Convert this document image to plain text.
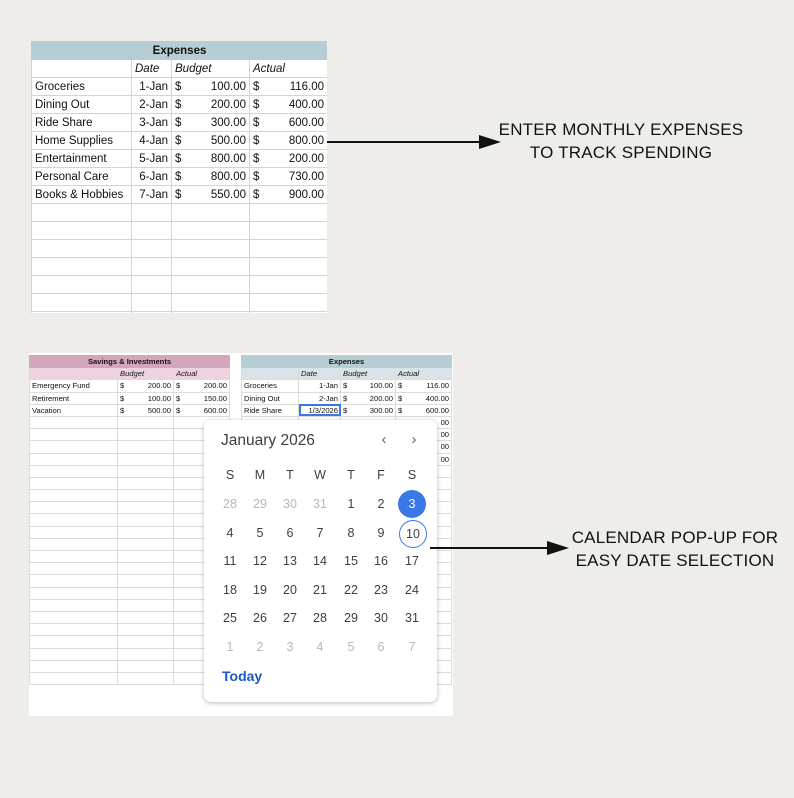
Expenses			
	Date	Budget	Actual
Groceries	1-Jan	$ 100.00	$ 116.00

Dining Out	2-Jan	$ 200.00	$ 400.00

Ride Share	3-Jan	$ 300.00	$ 600.00

Home Supplies	4-Jan	$ 500.00	$ 800.00

Entertainment	5-Jan	$ 800.00	$ 200.00

Personal Care	6-Jan	$ 800.00	$ 730.00

Books & Hobbies	7-Jan	$ 550.00	$ 900.00

ENTER MONTHLY EXPENSES
TO TRACK SPENDING
Savings & Investments		
	Budget	Actual
Emergency Fund	$ 200.00	$ 200.00

Retirement	$ 100.00	$ 150.00

Vacation	$ 500.00	$ 600.00

Expenses			
	Date	Budget	Actual
Groceries	1-Jan	$ 100.00	$ 116.00

Dining Out	2-Jan	$ 200.00	$ 400.00

Ride Share	1/3/2026	$ 300.00	$ 600.00

			00
			00
			00
			00

January 2026	‹	›
S	M	T	W	T	F	S
28	29	30	31	1	2	3
4	5	6	7	8	9	10
11	12	13	14	15	16	17
18	19	20	21	22	23	24
25	26	27	28	29	30	31
1	2	3	4	5	6	7
Today
CALENDAR POP-UP FOR
EASY DATE SELECTION
